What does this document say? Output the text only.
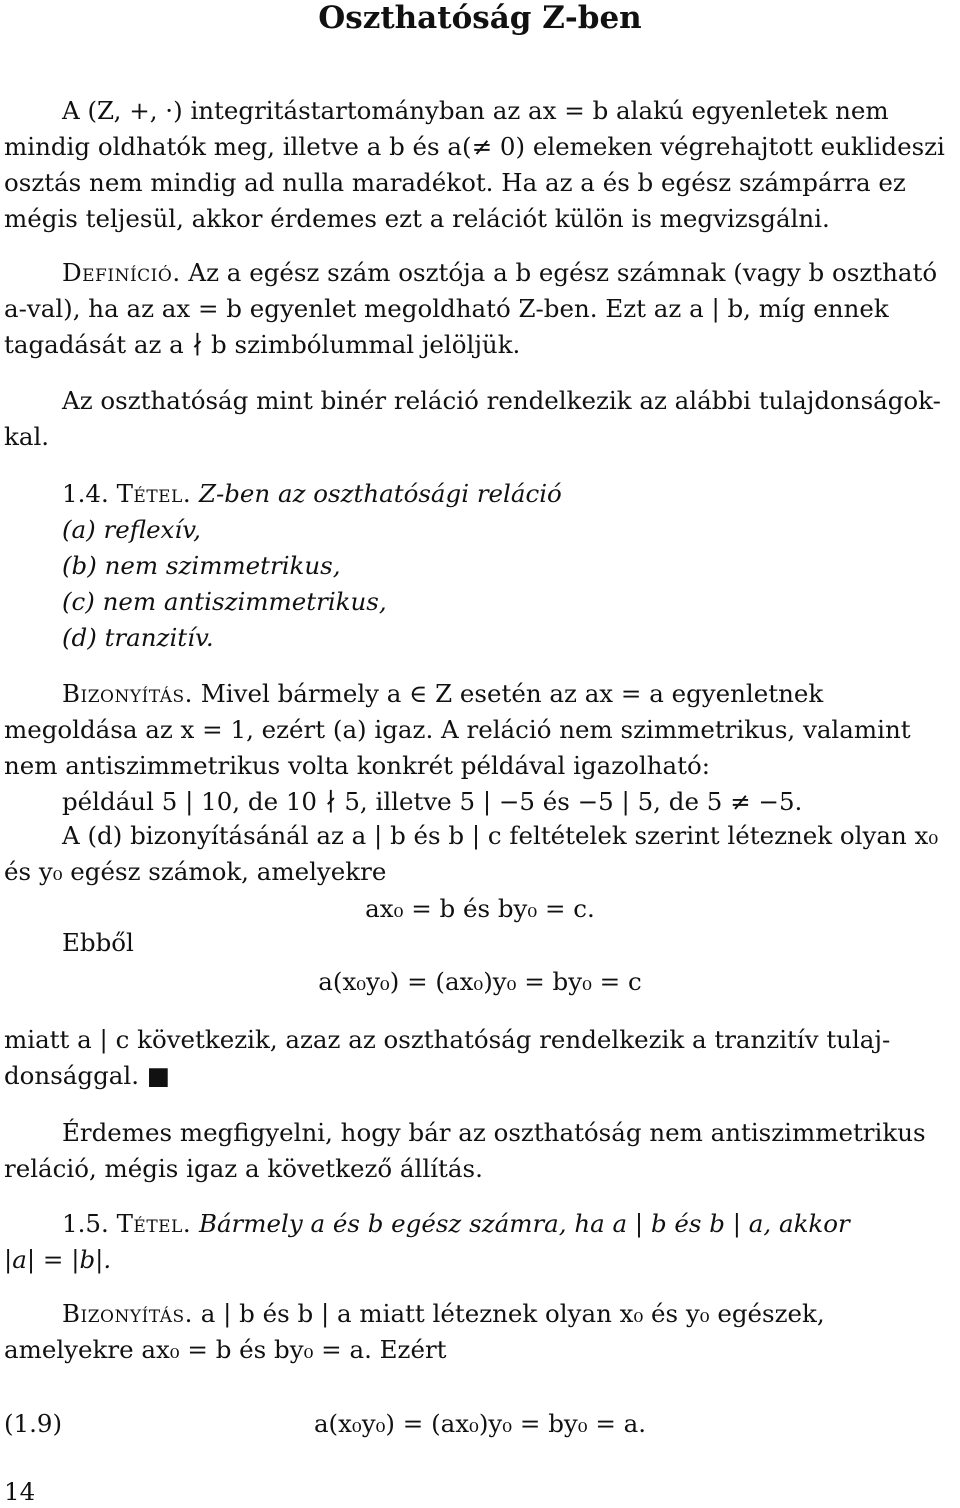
Oszthatóság Z-ben
A (Z, +, ·) integritástartományban az ax = b alakú egyenletek nem
mindig oldhatók meg, illetve a b és a(≠ 0) elemeken végrehajtott euklideszi
osztás nem mindig ad nulla maradékot. Ha az a és b egész számpárra ez
mégis teljesül, akkor érdemes ezt a relációt külön is megvizsgálni.
Definíció. Az a egész szám osztója a b egész számnak (vagy b osztható
a-val), ha az ax = b egyenlet megoldható Z-ben. Ezt az a | b, míg ennek
tagadását az a ∤ b szimbólummal jelöljük.
Az oszthatóság mint binér reláció rendelkezik az alábbi tulajdonságok-
kal.
1.4. Tétel. Z-ben az oszthatósági reláció
(a) reflexív,
(b) nem szimmetrikus,
(c) nem antiszimmetrikus,
(d) tranzitív.
Bizonyítás. Mivel bármely a ∈ Z esetén az ax = a egyenletnek
megoldása az x = 1, ezért (a) igaz. A reláció nem szimmetrikus, valamint
nem antiszimmetrikus volta konkrét példával igazolható:
például 5 | 10, de 10 ∤ 5, illetve 5 | −5 és −5 | 5, de 5 ≠ −5.
A (d) bizonyításánál az a | b és b | c feltételek szerint léteznek olyan x₀
és y₀ egész számok, amelyekre
ax₀ = b és by₀ = c.
Ebből
a(x₀y₀) = (ax₀)y₀ = by₀ = c
miatt a | c következik, azaz az oszthatóság rendelkezik a tranzitív tulaj-
donsággal. ■
Érdemes megfigyelni, hogy bár az oszthatóság nem antiszimmetrikus
reláció, mégis igaz a következő állítás.
1.5. Tétel. Bármely a és b egész számra, ha a | b és b | a, akkor
|a| = |b|.
Bizonyítás. a | b és b | a miatt léteznek olyan x₀ és y₀ egészek,
amelyekre ax₀ = b és by₀ = a. Ezért
(1.9)	a(x₀y₀) = (ax₀)y₀ = by₀ = a.
14
